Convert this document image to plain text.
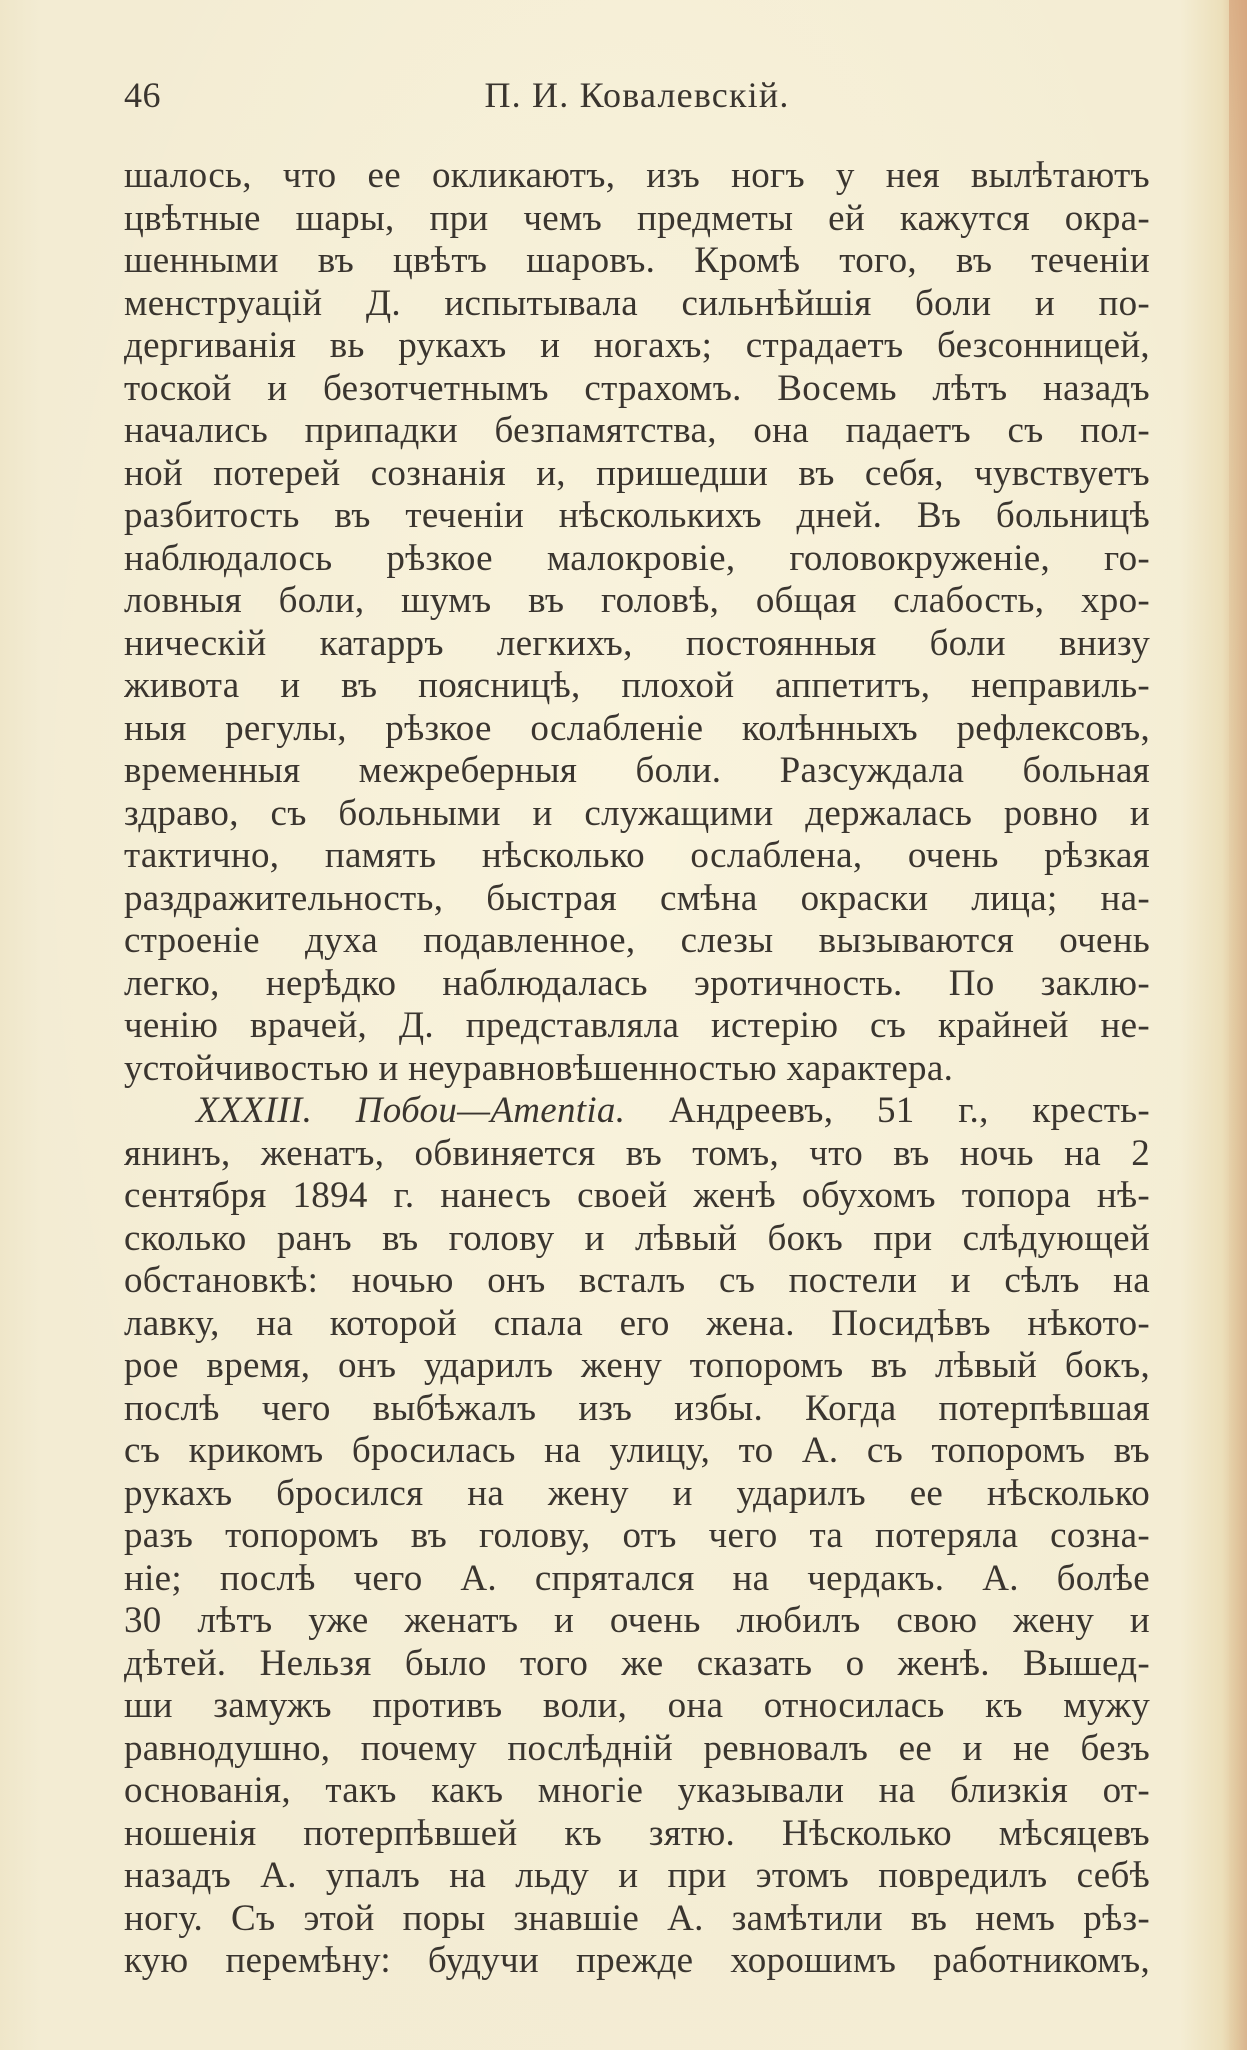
46	П. И. Ковалевскій.
шалось, что ее окликаютъ, изъ ногъ у нея вылѣтаютъ
цвѣтные шары, при чемъ предметы ей кажутся окра-
шенными въ цвѣтъ шаровъ. Кромѣ того, въ теченіи
менструацій Д. испытывала сильнѣйшія боли и по-
дергиванія вь рукахъ и ногахъ; страдаетъ безсонницей,
тоской и безотчетнымъ страхомъ. Восемь лѣтъ назадъ
начались припадки безпамятства, она падаетъ съ пол-
ной потерей сознанія и, пришедши въ себя, чувствуетъ
разбитость въ теченіи нѣсколькихъ дней. Въ больницѣ
наблюдалось рѣзкое малокровіе, головокруженіе, го-
ловныя боли, шумъ въ головѣ, общая слабость, хро-
ническій катарръ легкихъ, постоянныя боли внизу
живота и въ поясницѣ, плохой аппетитъ, неправиль-
ныя регулы, рѣзкое ослабленіе колѣнныхъ рефлексовъ,
временныя межреберныя боли. Разсуждала больная
здраво, съ больными и служащими держалась ровно и
тактично, память нѣсколько ослаблена, очень рѣзкая
раздражительность, быстрая смѣна окраски лица; на-
строеніе духа подавленное, слезы вызываются очень
легко, нерѣдко наблюдалась эротичность. По заклю-
ченію врачей, Д. представляла истерію съ крайней не-
устойчивостью и неуравновѣшенностью характера.
XXXIII. Побои—Amentia. Андреевъ, 51 г., кресть-
янинъ, женатъ, обвиняется въ томъ, что въ ночь на 2
сентября 1894 г. нанесъ своей женѣ обухомъ топора нѣ-
сколько ранъ въ голову и лѣвый бокъ при слѣдующей
обстановкѣ: ночью онъ всталъ съ постели и сѣлъ на
лавку, на которой спала его жена. Посидѣвъ нѣкото-
рое время, онъ ударилъ жену топоромъ въ лѣвый бокъ,
послѣ чего выбѣжалъ изъ избы. Когда потерпѣвшая
съ крикомъ бросилась на улицу, то А. съ топоромъ въ
рукахъ бросился на жену и ударилъ ее нѣсколько
разъ топоромъ въ голову, отъ чего та потеряла созна-
ніе; послѣ чего А. спрятался на чердакъ. А. болѣе
30 лѣтъ уже женатъ и очень любилъ свою жену и
дѣтей. Нельзя было того же сказать о женѣ. Вышед-
ши замужъ противъ воли, она относилась къ мужу
равнодушно, почему послѣдній ревновалъ ее и не безъ
основанія, такъ какъ многіе указывали на близкія от-
ношенія потерпѣвшей къ зятю. Нѣсколько мѣсяцевъ
назадъ А. упалъ на льду и при этомъ повредилъ себѣ
ногу. Съ этой поры знавшіе А. замѣтили въ немъ рѣз-
кую перемѣну: будучи прежде хорошимъ работникомъ,
